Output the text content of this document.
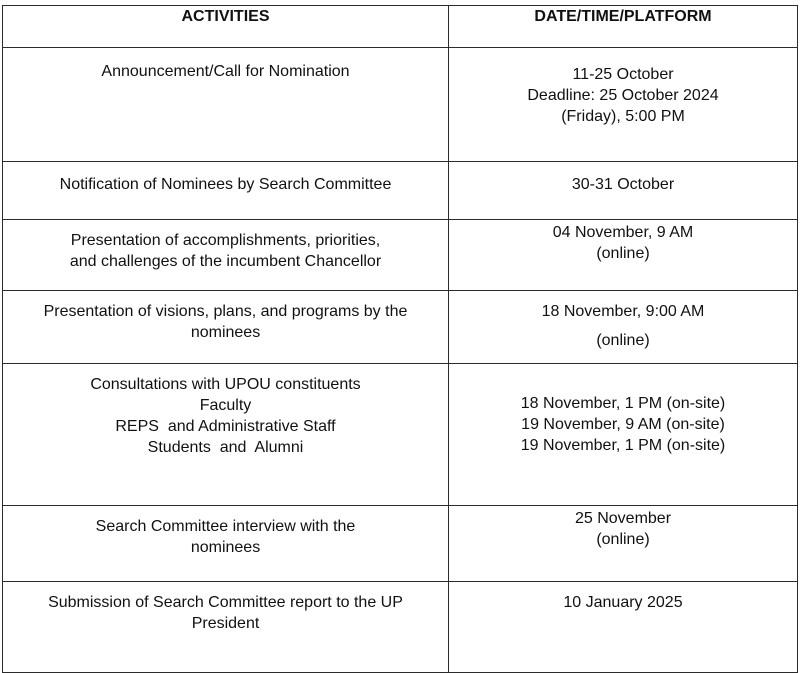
ACTIVITIES	DATE/TIME/PLATFORM

Announcement/Call for Nomination	11-25 October
Deadline: 25 October 2024
(Friday), 5:00 PM

Notification of Nominees by Search Committee	30-31 October

Presentation of accomplishments, priorities,
and challenges of the incumbent Chancellor	04 November, 9 AM
(online)

Presentation of visions, plans, and programs by the
nominees	18 November, 9:00 AM
(online)

Consultations with UPOU constituents
Faculty
REPS  and Administrative Staff
Students  and  Alumni	18 November, 1 PM (on-site)
19 November, 9 AM (on-site)
19 November, 1 PM (on-site)

Search Committee interview with the
nominees	25 November
(online)

Submission of Search Committee report to the UP
President	10 January 2025
